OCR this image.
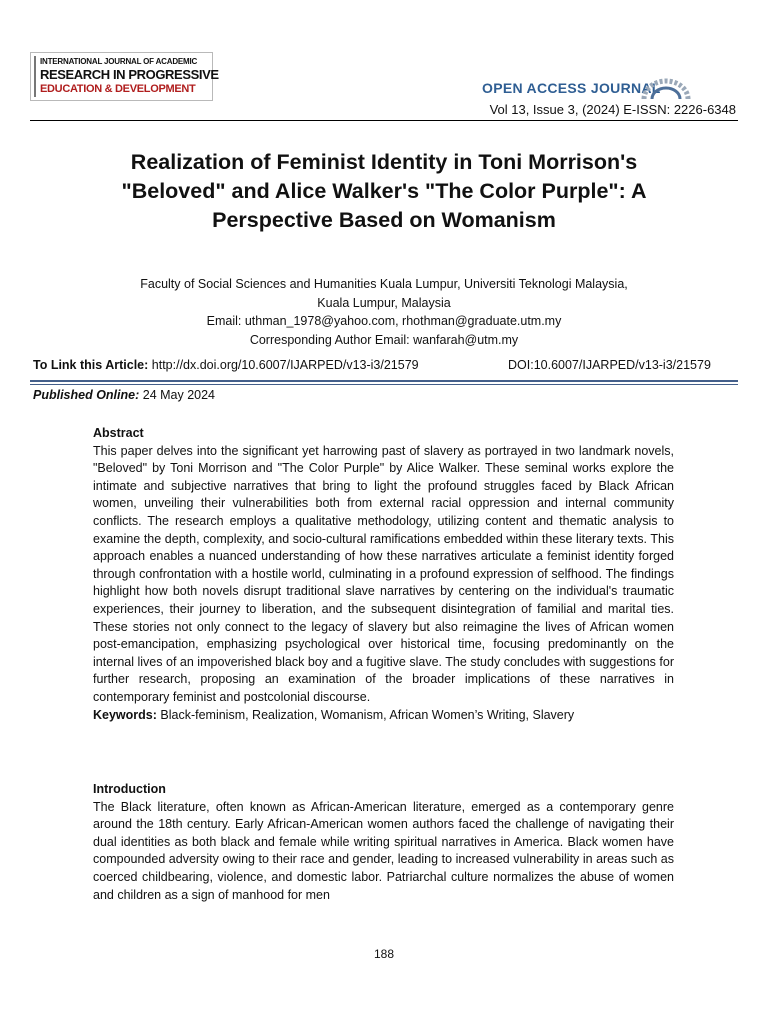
INTERNATIONAL JOURNAL OF ACADEMIC
RESEARCH IN PROGRESSIVE
EDUCATION & DEVELOPMENT	OPEN ACCESS JOURNAL
Vol 13, Issue 3, (2024) E-ISSN: 2226-6348
Realization of Feminist Identity in Toni Morrison's
"Beloved" and Alice Walker's "The Color Purple": A
Perspective Based on Womanism
Faculty of Social Sciences and Humanities Kuala Lumpur, Universiti Teknologi Malaysia,
Kuala Lumpur, Malaysia
Email: uthman_1978@yahoo.com, rhothman@graduate.utm.my
Corresponding Author Email: wanfarah@utm.my
To Link this Article: http://dx.doi.org/10.6007/IJARPED/v13-i3/21579	DOI:10.6007/IJARPED/v13-i3/21579
Published Online: 24 May 2024
Abstract

This paper delves into the significant yet harrowing past of slavery as portrayed in two landmark novels, "Beloved" by Toni Morrison and "The Color Purple" by Alice Walker. These seminal works explore the intimate and subjective narratives that bring to light the profound struggles faced by Black African women, unveiling their vulnerabilities both from external racial oppression and internal community conflicts. The research employs a qualitative methodology, utilizing content and thematic analysis to examine the depth, complexity, and socio-cultural ramifications embedded within these literary texts. This approach enables a nuanced understanding of how these narratives articulate a feminist identity forged through confrontation with a hostile world, culminating in a profound expression of selfhood. The findings highlight how both novels disrupt traditional slave narratives by centering on the individual's traumatic experiences, their journey to liberation, and the subsequent disintegration of familial and marital ties. These stories not only connect to the legacy of slavery but also reimagine the lives of African women post-emancipation, emphasizing psychological over historical time, focusing predominantly on the internal lives of an impoverished black boy and a fugitive slave. The study concludes with suggestions for further research, proposing an examination of the broader implications of these narratives in contemporary feminist and postcolonial discourse.

Keywords: Black-feminism, Realization, Womanism, African Women’s Writing, Slavery

Introduction

The Black literature, often known as African-American literature, emerged as a contemporary genre around the 18th century. Early African-American women authors faced the challenge of navigating their dual identities as both black and female while writing spiritual narratives in America. Black women have compounded adversity owing to their race and gender, leading to increased vulnerability in areas such as coerced childbearing, violence, and domestic labor. Patriarchal culture normalizes the abuse of women and children as a sign of manhood for men

188
